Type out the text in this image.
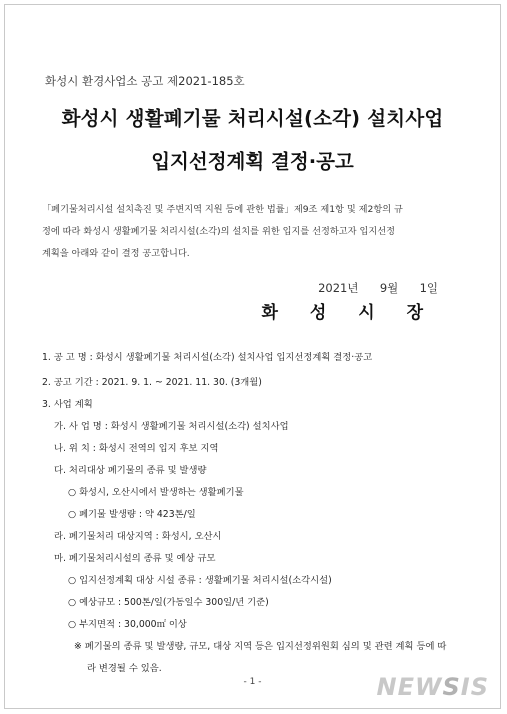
화성시 환경사업소 공고 제2021-185호
화성시 생활폐기물 처리시설(소각) 설치사업
입지선정계획 결정·공고

「폐기물처리시설 설치촉진 및 주변지역 지원 등에 관한 법률」제9조 제1항 및 제2항의 규

정에 따라 화성시 생활폐기물 처리시설(소각)의 설치를 위한 입지를 선정하고자 입지선정

계획을 아래와 같이 결정 공고합니다.

2021년 9월 1일
화 성 시 장
1. 공 고 명 : 화성시 생활폐기물 처리시설(소각) 설치사업 입지선정계획 결정·공고
2. 공고 기간 : 2021. 9. 1. ~ 2021. 11. 30. (3개월)
3. 사업 계획
가. 사 업 명 : 화성시 생활폐기물 처리시설(소각) 설치사업
나. 위 치 : 화성시 전역의 입지 후보 지역
다. 처리대상 폐기물의 종류 및 발생량
○ 화성시, 오산시에서 발생하는 생활폐기물
○ 폐기물 발생량 : 약 423톤/일
라. 폐기물처리 대상지역 : 화성시, 오산시
마. 폐기물처리시설의 종류 및 예상 규모
○ 입지선정계획 대상 시설 종류 : 생활폐기물 처리시설(소각시설)
○ 예상규모 : 500톤/일(가동일수 300일/년 기준)
○ 부지면적 : 30,000㎡ 이상
※ 폐기물의 종류 및 발생량, 규모, 대상 지역 등은 입지선정위원회 심의 및 관련 계획 등에 따
라 변경될 수 있음.
- 1 -	NEWSIS
